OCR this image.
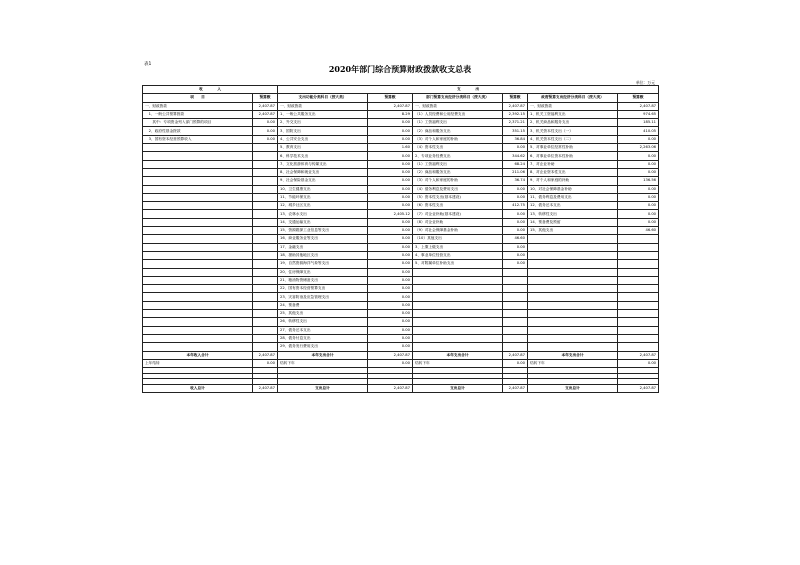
表1	2020年部门综合预算财政拨款收支总表
单位：万元
收　　　　入		支　　　　出					
项　　目	预算数	支出功能分类科目（按大类）	预算数	部门预算支出经济分类科目（按大类）	预算数	政府预算支出经济分类科目（按大类）	预算数
一、财政拨款	2,407.87	一、财政拨款	2,407.87	一、财政拨款	2,407.87	一、财政拨款	2,407.87
　1、一般公共预算拨款	2,407.87	1、一般公共服务支出	8.29	（1）人员经费和公用经费支出	2,392.15	1、机关工资福利支出	974.65
　　其中：专项资金列入部门预算的项目	0.00	2、外交支出	0.00	（1）工资福利支出	2,371.21	2、机关商品和服务支出	185.11
　2、政府性基金拨款	0.00	3、国防支出	0.00	（2）商品和服务支出	351.15	3、机关资本性支出（一）	410.05
　3、国有资本经营预算收入	0.00	4、公共安全支出	0.00	（3）对个人和家庭的补助	36.84	4、机关资本性支出（二）	0.00
		5、教育支出	1.60	（4）资本性支出	0.00	5、对事业单位经常性补助	2,263.06
		6、科学技术支出	0.00	2、专项业务经费支出	344.62	6、对事业单位资本性补助	0.00
		7、文化旅游体育与传媒支出	0.00	（1）工资福利支出	68.24	7、对企业补助	0.00
		8、社会保障和就业支出	0.00	（2）商品和服务支出	211.06	8、对企业资本性支出	0.00
		9、社会保险基金支出	0.00	（3）对个人和家庭的补助	36.74	9、对个人和家庭的补助	136.56
		10、卫生健康支出	0.00	（4）债务利息及费用支出	0.00	10、对社会保障基金补助	0.00
		11、节能环保支出	0.00	（5）资本性支出(基本建设)	0.00	11、债务利息及费用支出	0.00
		12、城乡社区支出	0.00	（6）资本性支出	412.75	12、债务还本支出	0.00
		13、农林水支出	2,405.12	（7）对企业补助(基本建设)	0.00	13、转移性支出	0.00
		14、交通运输支出	0.00	（8）对企业补助	0.00	14、预备费及预留	0.00
		15、资源勘探工业信息等支出	0.00	（9）对社会保障基金补助	0.00	15、其他支出	46.60
		16、商业服务业等支出	0.00	（10）其他支出	46.60		
		17、金融支出	0.00	3、上缴上级支出	0.00		
		18、援助其他地区支出	0.00	4、事业单位经营支出	0.00		
		19、自然资源海洋气象等支出	0.00	5、对附属单位补助支出	0.00		
		20、住房保障支出	0.00				
		21、粮油物资储备支出	0.00				
		22、国有资本经营预算支出	0.00				
		23、灾害防治及应急管理支出	0.00				
		24、预备费	0.00				
		25、其他支出	0.00				
		26、转移性支出	0.00				
		27、债务还本支出	0.00				
		28、债务付息支出	0.00				
		29、债务发行费用支出	0.00				
本年收入合计	2,407.87	本年支出合计	2,407.87	本年支出合计	2,407.87	本年支出合计	2,407.87
上年结转	0.00	结转下年	0.00	结转下年	0.00	结转下年	0.00

收入总计	2,407.87	支出总计	2,407.87	支出总计	2,407.87	支出总计	2,407.87
